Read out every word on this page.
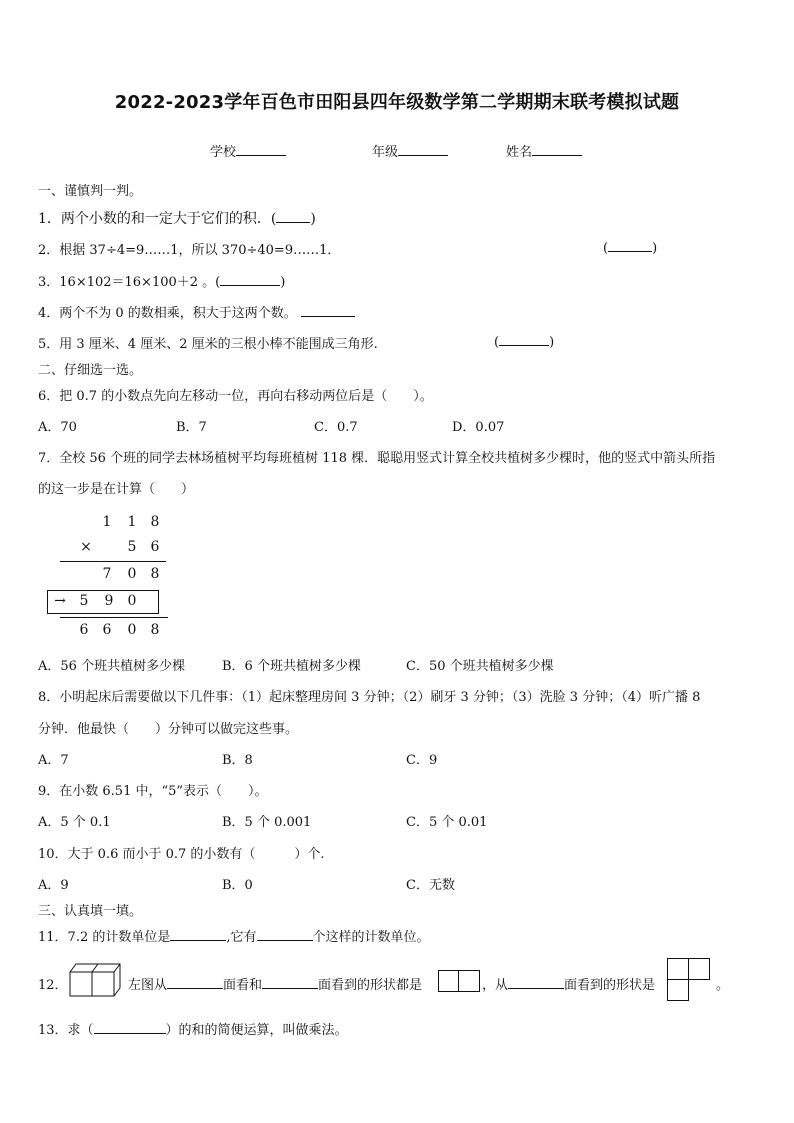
2022-2023学年百色市田阳县四年级数学第二学期期末联考模拟试题
学校	年级	姓名
一、谨慎判一判。
1．两个小数的和一定大于它们的积．( )
2．根据 37÷4=9……1，所以 370÷40=9……1．	(	)
3．16×102＝16×100＋2 。(	)
4．两个不为 0 的数相乘，积大于这两个数。
5．用 3 厘米、4 厘米、2 厘米的三根小棒不能围成三角形.	(	)
二、仔细选一选。
6．把 0.7 的小数点先向左移动一位，再向右移动两位后是（　　）。
A．70	B．7	C．0.7	D．0.07
7．全校 56 个班的同学去林场植树平均每班植树 118 棵．聪聪用竖式计算全校共植树多少棵时，他的竖式中箭头所指
的这一步是在计算（　　）
1	1	8
×	5	6
7	0	8
→ 5	9	0
6	6	0	8
A．56 个班共植树多少棵	B．6 个班共植树多少棵	C．50 个班共植树多少棵
8．小明起床后需要做以下几件事：（1）起床整理房间 3 分钟；（2）刷牙 3 分钟；（3）洗脸 3 分钟；（4）听广播 8
分钟．他最快（　　）分钟可以做完这些事。
A．7	B．8	C．9
9．在小数 6.51 中，“5”表示（　　）。
A．5 个 0.1	B．5 个 0.001	C．5 个 0.01
10．大于 0.6 而小于 0.7 的小数有（　　　）个.
A．9	B．0	C．无数
三、认真填一填。
11．7.2 的计数单位是	,它有	个这样的计数单位。
12．	左图从	面看和	面看到的形状都是	，从	面看到的形状是	。
13．求（	）的和的简便运算，叫做乘法。
